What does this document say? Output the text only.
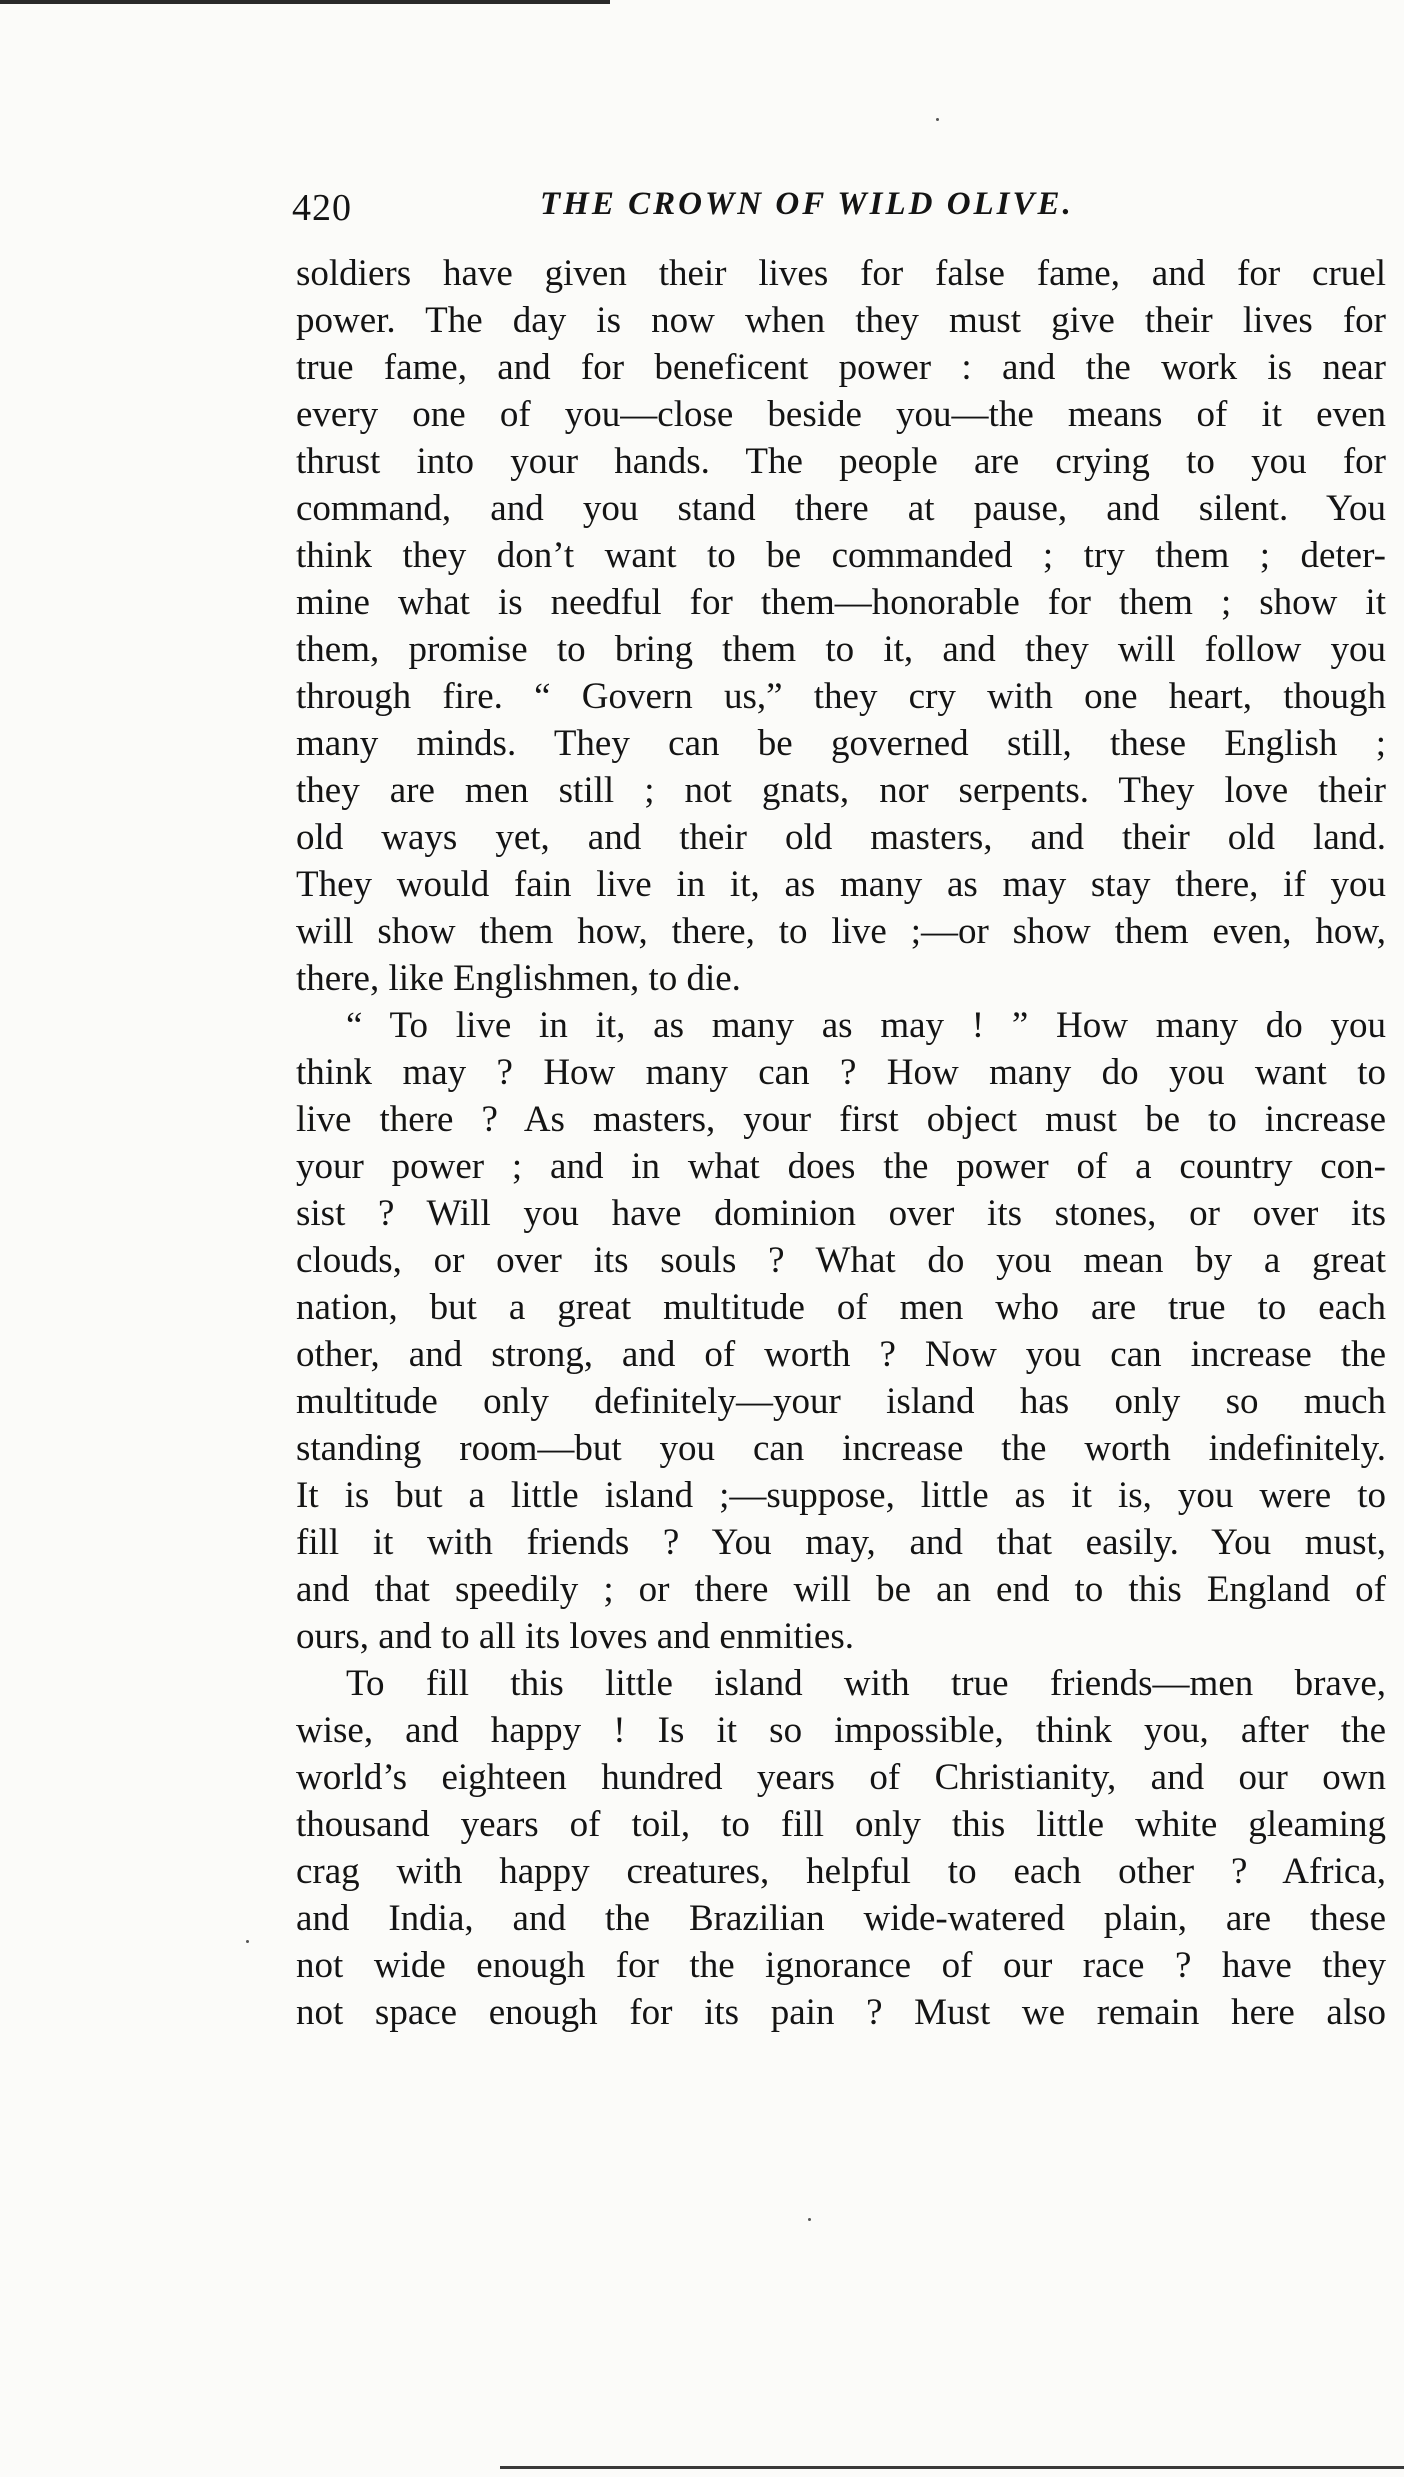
420	THE CROWN OF WILD OLIVE.
soldiers have given their lives for false fame, and for cruel
power. The day is now when they must give their lives for
true fame, and for beneficent power : and the work is near
every one of you—close beside you—the means of it even
thrust into your hands. The people are crying to you for
command, and you stand there at pause, and silent. You
think they don’t want to be commanded ; try them ; deter-
mine what is needful for them—honorable for them ; show it
them, promise to bring them to it, and they will follow you
through fire. “ Govern us,” they cry with one heart, though
many minds. They can be governed still, these English ;
they are men still ; not gnats, nor serpents. They love their
old ways yet, and their old masters, and their old land.
They would fain live in it, as many as may stay there, if you
will show them how, there, to live ;—or show them even, how,
there, like Englishmen, to die.
“ To live in it, as many as may ! ” How many do you
think may ? How many can ? How many do you want to
live there ? As masters, your first object must be to increase
your power ; and in what does the power of a country con-
sist ? Will you have dominion over its stones, or over its
clouds, or over its souls ? What do you mean by a great
nation, but a great multitude of men who are true to each
other, and strong, and of worth ? Now you can increase the
multitude only definitely—your island has only so much
standing room—but you can increase the worth indefinitely.
It is but a little island ;—suppose, little as it is, you were to
fill it with friends ? You may, and that easily. You must,
and that speedily ; or there will be an end to this England of
ours, and to all its loves and enmities.
To fill this little island with true friends—men brave,
wise, and happy ! Is it so impossible, think you, after the
world’s eighteen hundred years of Christianity, and our own
thousand years of toil, to fill only this little white gleaming
crag with happy creatures, helpful to each other ? Africa,
and India, and the Brazilian wide-watered plain, are these
not wide enough for the ignorance of our race ? have they
not space enough for its pain ? Must we remain here also
